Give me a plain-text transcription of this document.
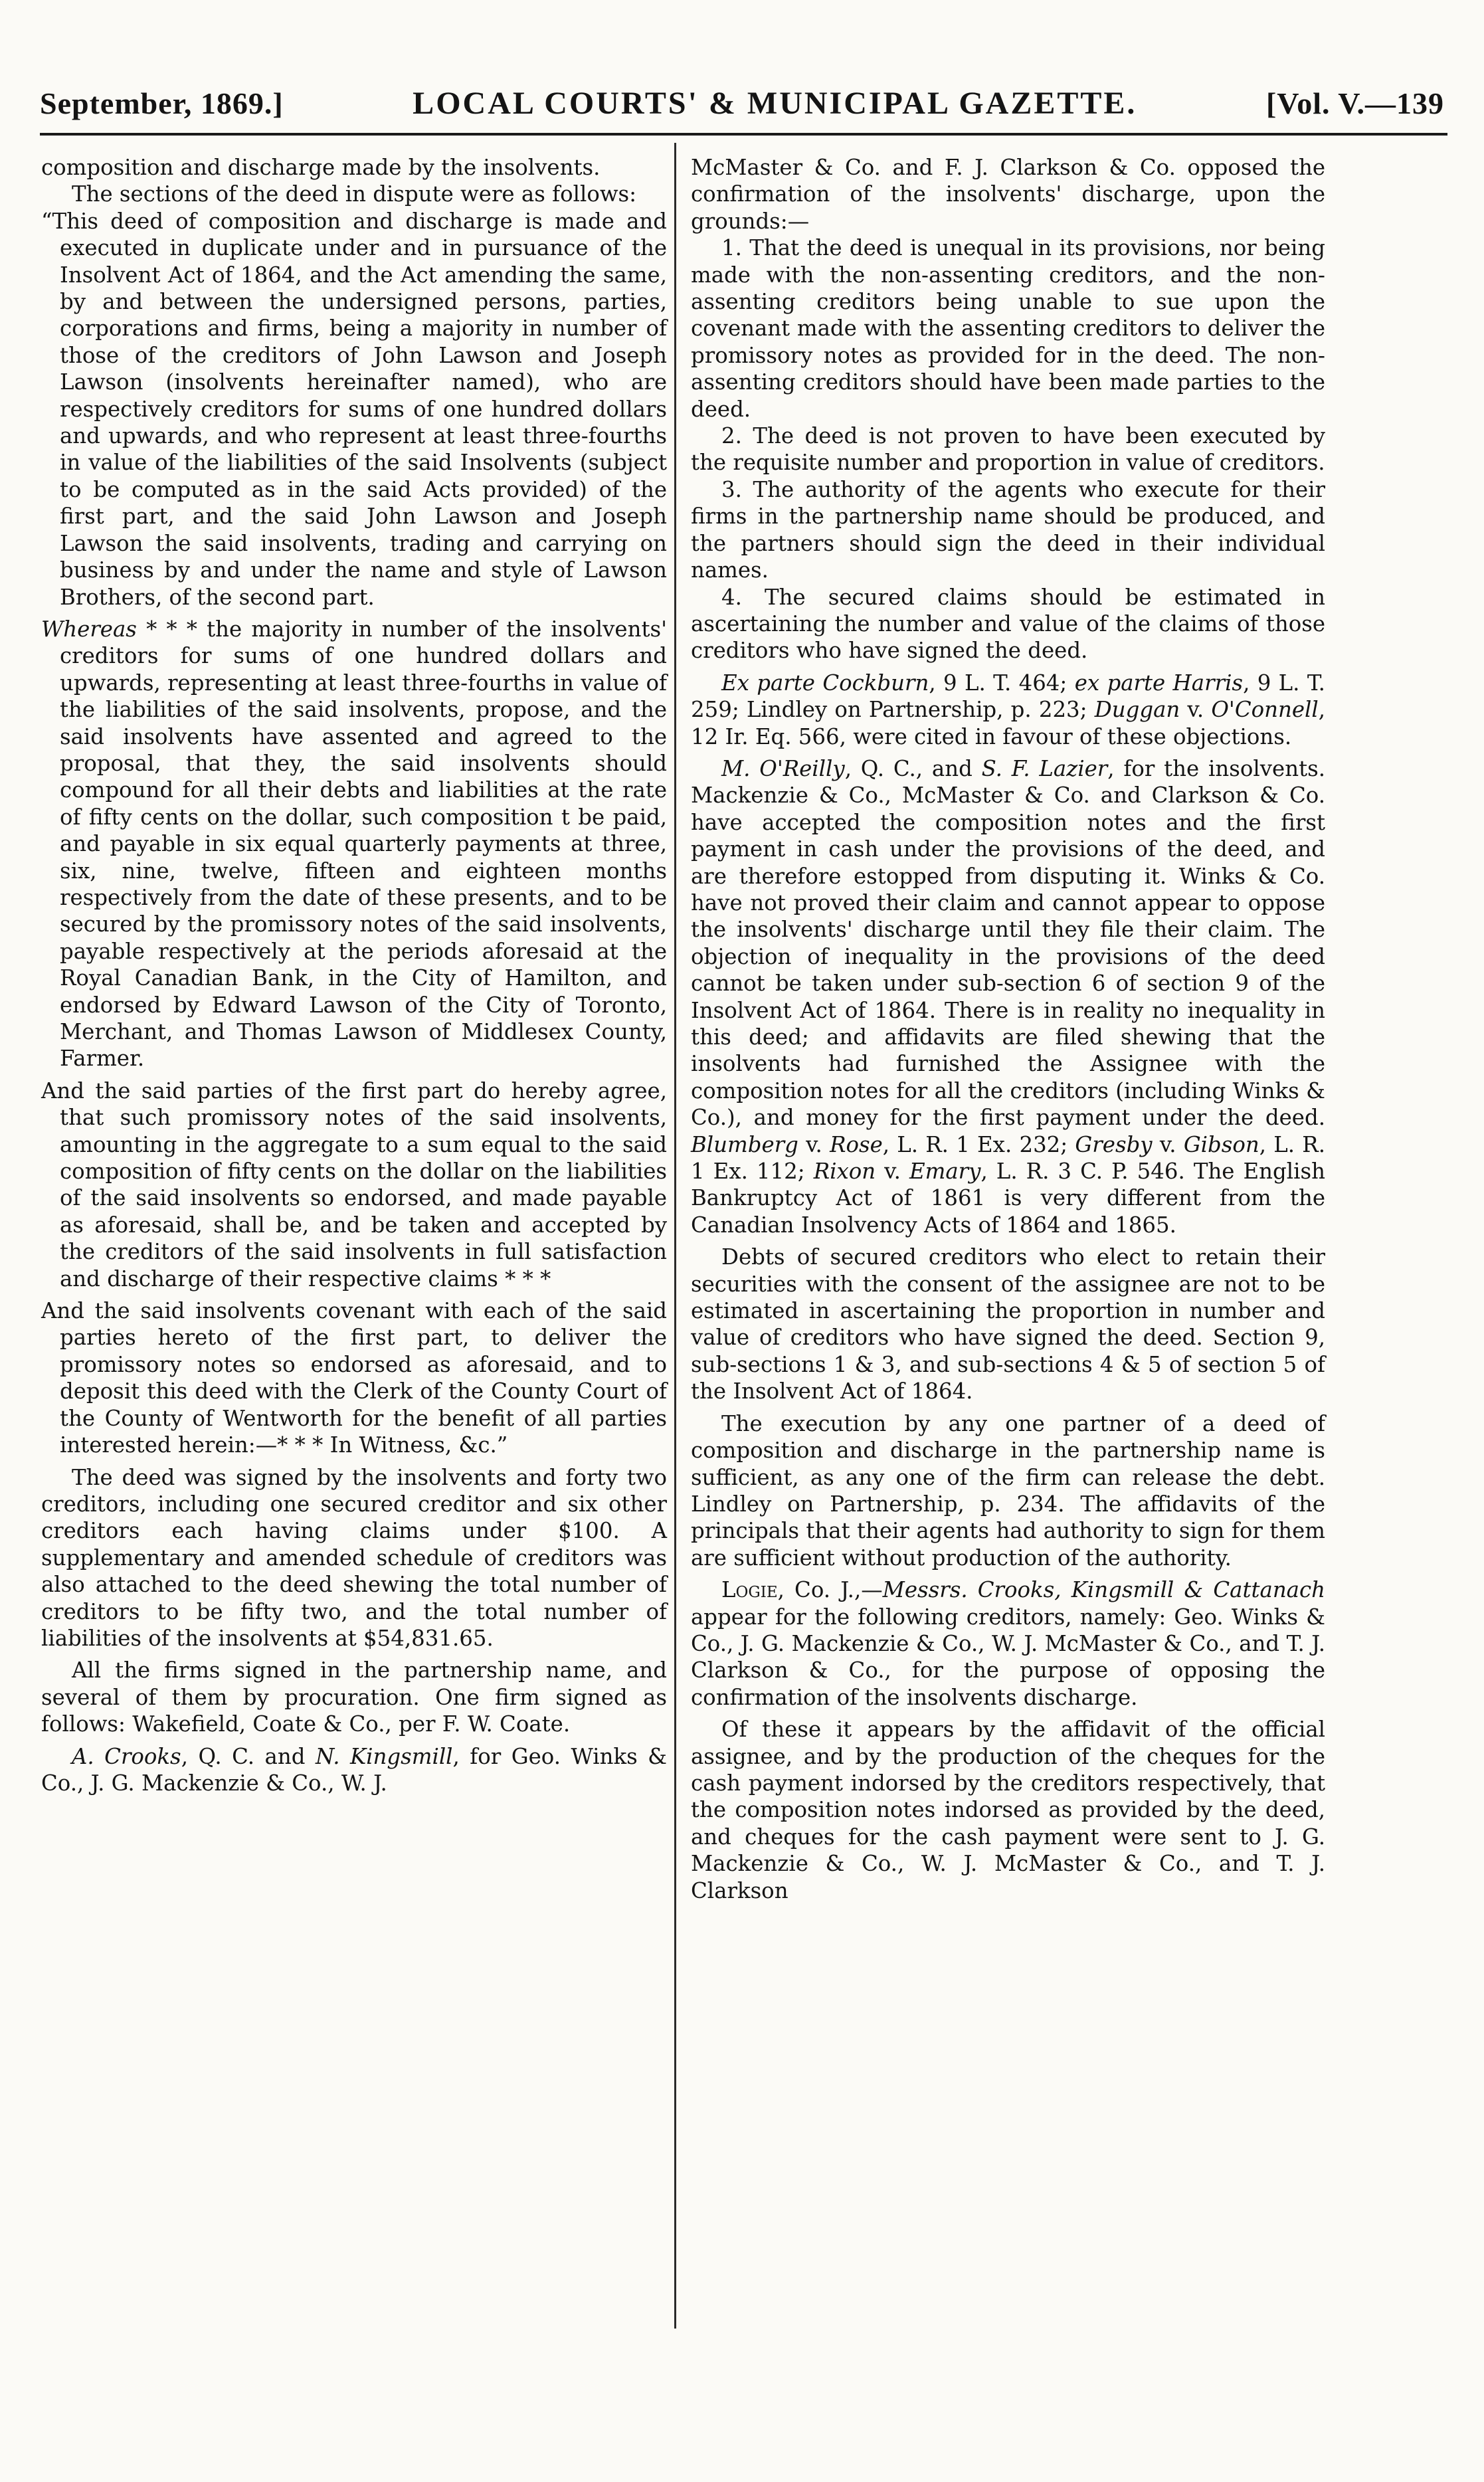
September, 1869.]	LOCAL COURTS' & MUNICIPAL GAZETTE.	[Vol. V.—139

composition and discharge made by the insolvents.

The sections of the deed in dispute were as follows:

“This deed of composition and discharge is made and executed in duplicate under and in pursuance of the Insolvent Act of 1864, and the Act amending the same, by and between the undersigned persons, parties, corporations and firms, being a majority in number of those of the creditors of John Lawson and Joseph Lawson (insolvents hereinafter named), who are respectively creditors for sums of one hundred dollars and upwards, and who represent at least three-fourths in value of the liabilities of the said Insolvents (subject to be computed as in the said Acts provided) of the first part, and the said John Lawson and Joseph Lawson the said insolvents, trading and carrying on business by and under the name and style of Lawson Brothers, of the second part.

Whereas * * * the majority in number of the insolvents' creditors for sums of one hundred dollars and upwards, representing at least three-fourths in value of the liabilities of the said insolvents, propose, and the said insolvents have assented and agreed to the proposal, that they, the said insolvents should compound for all their debts and liabilities at the rate of fifty cents on the dollar, such composition t be paid, and payable in six equal quarterly payments at three, six, nine, twelve, fifteen and eighteen months respectively from the date of these presents, and to be secured by the promissory notes of the said insolvents, payable respectively at the periods aforesaid at the Royal Canadian Bank, in the City of Hamilton, and endorsed by Edward Lawson of the City of Toronto, Merchant, and Thomas Lawson of Middlesex County, Farmer.

And the said parties of the first part do hereby agree, that such promissory notes of the said insolvents, amounting in the aggregate to a sum equal to the said composition of fifty cents on the dollar on the liabilities of the said insolvents so endorsed, and made payable as aforesaid, shall be, and be taken and accepted by the creditors of the said insolvents in full satisfaction and discharge of their respective claims * * *

And the said insolvents covenant with each of the said parties hereto of the first part, to deliver the promissory notes so endorsed as aforesaid, and to deposit this deed with the Clerk of the County Court of the County of Wentworth for the benefit of all parties interested herein:—* * * In Witness, &c.”

The deed was signed by the insolvents and forty two creditors, including one secured creditor and six other creditors each having claims under $100. A supplementary and amended schedule of creditors was also attached to the deed shewing the total number of creditors to be fifty two, and the total number of liabilities of the insolvents at $54,831.65.

All the firms signed in the partnership name, and several of them by procuration. One firm signed as follows: Wakefield, Coate & Co., per F. W. Coate.

A. Crooks, Q. C. and N. Kingsmill, for Geo. Winks & Co., J. G. Mackenzie & Co., W. J.

McMaster & Co. and F. J. Clarkson & Co. opposed the confirmation of the insolvents' discharge, upon the grounds:—

1. That the deed is unequal in its provisions, nor being made with the non-assenting creditors, and the non-assenting creditors being unable to sue upon the covenant made with the assenting creditors to deliver the promissory notes as provided for in the deed. The non-assenting creditors should have been made parties to the deed.

2. The deed is not proven to have been executed by the requisite number and proportion in value of creditors.

3. The authority of the agents who execute for their firms in the partnership name should be produced, and the partners should sign the deed in their individual names.

4. The secured claims should be estimated in ascertaining the number and value of the claims of those creditors who have signed the deed.

Ex parte Cockburn, 9 L. T. 464; ex parte Harris, 9 L. T. 259; Lindley on Partnership, p. 223; Duggan v. O'Connell, 12 Ir. Eq. 566, were cited in favour of these objections.

M. O'Reilly, Q. C., and S. F. Lazier, for the insolvents. Mackenzie & Co., McMaster & Co. and Clarkson & Co. have accepted the composition notes and the first payment in cash under the provisions of the deed, and are therefore estopped from disputing it. Winks & Co. have not proved their claim and cannot appear to oppose the insolvents' discharge until they file their claim. The objection of inequality in the provisions of the deed cannot be taken under sub-section 6 of section 9 of the Insolvent Act of 1864. There is in reality no inequality in this deed; and affidavits are filed shewing that the insolvents had furnished the Assignee with the composition notes for all the creditors (including Winks & Co.), and money for the first payment under the deed. Blumberg v. Rose, L. R. 1 Ex. 232; Gresby v. Gibson, L. R. 1 Ex. 112; Rixon v. Emary, L. R. 3 C. P. 546. The English Bankruptcy Act of 1861 is very different from the Canadian Insolvency Acts of 1864 and 1865.

Debts of secured creditors who elect to retain their securities with the consent of the assignee are not to be estimated in ascertaining the proportion in number and value of creditors who have signed the deed. Section 9, sub-sections 1 & 3, and sub-sections 4 & 5 of section 5 of the Insolvent Act of 1864.

The execution by any one partner of a deed of composition and discharge in the partnership name is sufficient, as any one of the firm can release the debt. Lindley on Partnership, p. 234. The affidavits of the principals that their agents had authority to sign for them are sufficient without production of the authority.

Logie, Co. J.,—Messrs. Crooks, Kingsmill & Cattanach appear for the following creditors, namely: Geo. Winks & Co., J. G. Mackenzie & Co., W. J. McMaster & Co., and T. J. Clarkson & Co., for the purpose of opposing the confirmation of the insolvents discharge.

Of these it appears by the affidavit of the official assignee, and by the production of the cheques for the cash payment indorsed by the creditors respectively, that the composition notes indorsed as provided by the deed, and cheques for the cash payment were sent to J. G. Mackenzie & Co., W. J. McMaster & Co., and T. J. Clarkson
